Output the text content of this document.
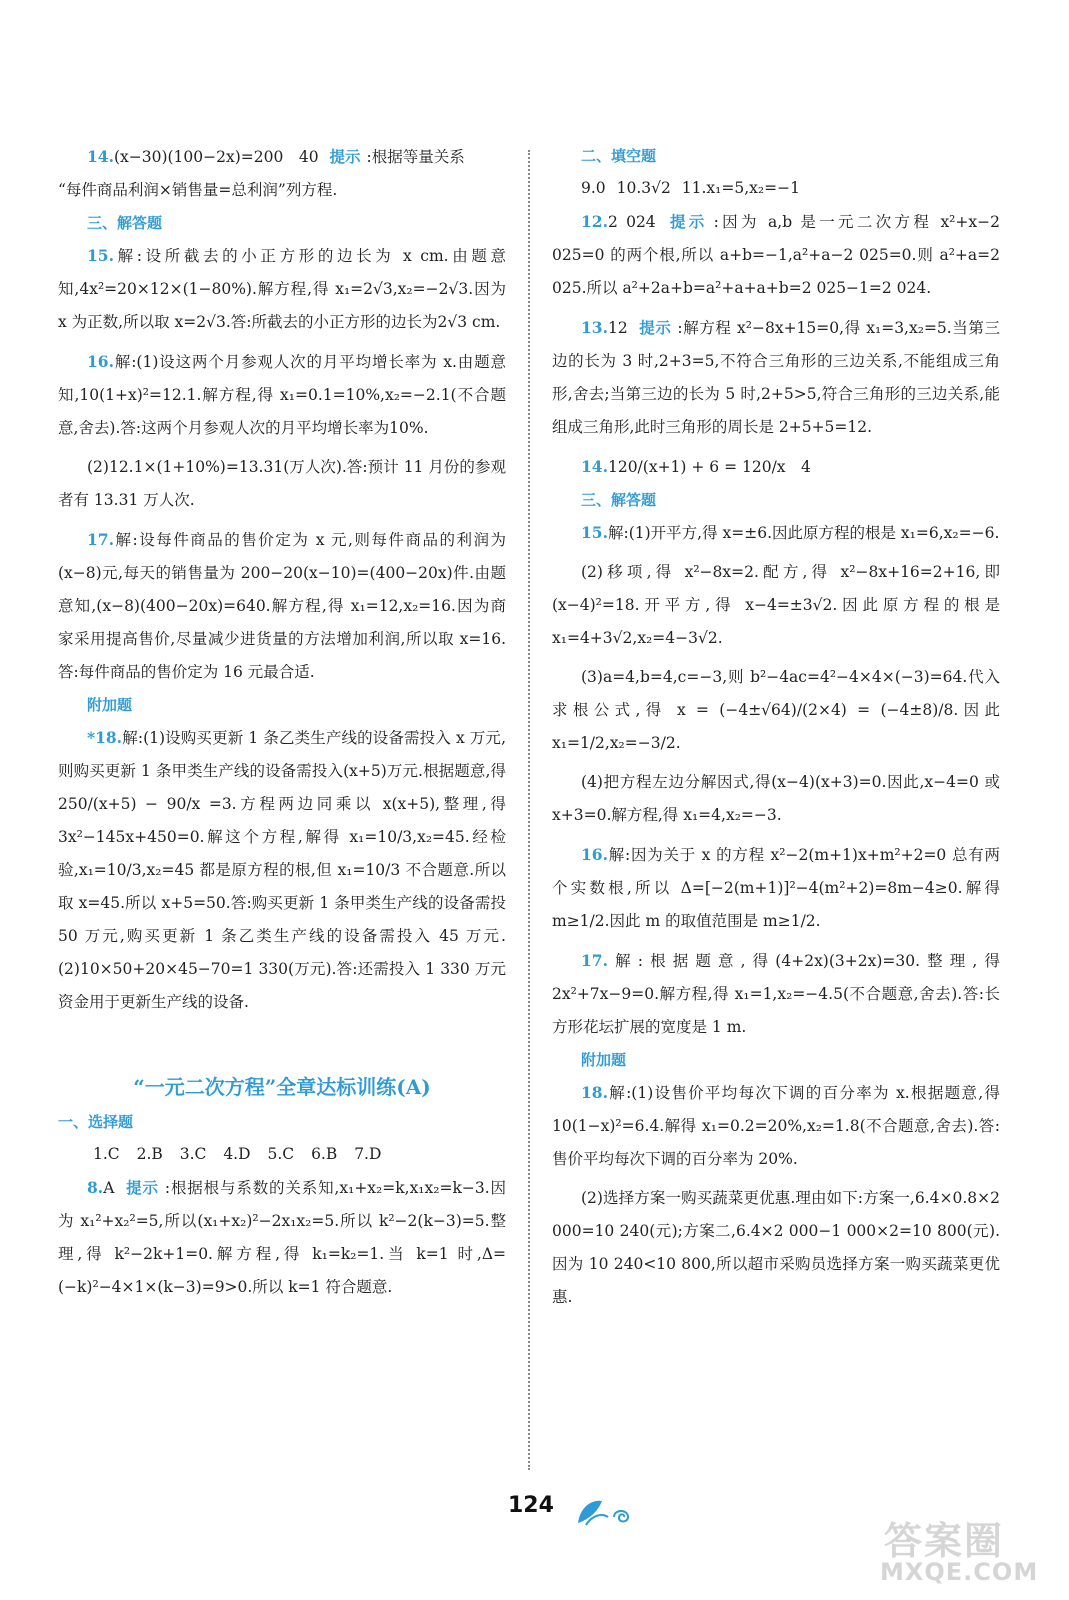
14.(x−30)(100−2x)=200　40 提示 :根据等量关系

“每件商品利润×销售量=总利润”列方程.

三、解答题

15.解:设所截去的小正方形的边长为 x cm.由题意知,4x²=20×12×(1−80%).解方程,得 x₁=2√3,x₂=−2√3.因为 x 为正数,所以取 x=2√3.答:所截去的小正方形的边长为2√3 cm.

16.解:(1)设这两个月参观人次的月平均增长率为 x.由题意知,10(1+x)²=12.1.解方程,得 x₁=0.1=10%,x₂=−2.1(不合题意,舍去).答:这两个月参观人次的月平均增长率为10%.

(2)12.1×(1+10%)=13.31(万人次).答:预计 11 月份的参观者有 13.31 万人次.

17.解:设每件商品的售价定为 x 元,则每件商品的利润为(x−8)元,每天的销售量为 200−20(x−10)=(400−20x)件.由题意知,(x−8)(400−20x)=640.解方程,得 x₁=12,x₂=16.因为商家采用提高售价,尽量减少进货量的方法增加利润,所以取 x=16.答:每件商品的售价定为 16 元最合适.

附加题

*18.解:(1)设购买更新 1 条乙类生产线的设备需投入 x 万元,则购买更新 1 条甲类生产线的设备需投入(x+5)万元.根据题意,得 250/(x+5) − 90/x =3.方程两边同乘以 x(x+5),整理,得 3x²−145x+450=0.解这个方程,解得 x₁=10/3,x₂=45.经检验,x₁=10/3,x₂=45 都是原方程的根,但 x₁=10/3 不合题意.所以取 x=45.所以 x+5=50.答:购买更新 1 条甲类生产线的设备需投 50 万元,购买更新 1 条乙类生产线的设备需投入 45 万元.　(2)10×50+20×45−70=1 330(万元).答:还需投入 1 330 万元资金用于更新生产线的设备.

“一元二次方程”全章达标训练(A)

一、选择题

1.C 2.B 3.C 4.D 5.C 6.B 7.D

8.A 提示 :根据根与系数的关系知,x₁+x₂=k,x₁x₂=k−3.因为 x₁²+x₂²=5,所以(x₁+x₂)²−2x₁x₂=5.所以 k²−2(k−3)=5.整理,得 k²−2k+1=0.解方程,得 k₁=k₂=1.当 k=1 时,Δ=(−k)²−4×1×(k−3)=9>0.所以 k=1 符合题意.

二、填空题

9.0 10.3√2 11.x₁=5,x₂=−1

12.2 024 提示 :因为 a,b 是一元二次方程 x²+x−2 025=0 的两个根,所以 a+b=−1,a²+a−2 025=0.则 a²+a=2 025.所以 a²+2a+b=a²+a+a+b=2 025−1=2 024.

13.12 提示 :解方程 x²−8x+15=0,得 x₁=3,x₂=5.当第三边的长为 3 时,2+3=5,不符合三角形的三边关系,不能组成三角形,舍去;当第三边的长为 5 时,2+5>5,符合三角形的三边关系,能组成三角形,此时三角形的周长是 2+5+5=12.

14.120/(x+1) + 6 = 120/x　4

三、解答题

15.解:(1)开平方,得 x=±6.因此原方程的根是 x₁=6,x₂=−6.

(2)移项,得 x²−8x=2.配方,得 x²−8x+16=2+16,即(x−4)²=18.开平方,得 x−4=±3√2.因此原方程的根是 x₁=4+3√2,x₂=4−3√2.

(3)a=4,b=4,c=−3,则 b²−4ac=4²−4×4×(−3)=64.代入求根公式,得 x = (−4±√64)/(2×4) = (−4±8)/8.因此 x₁=1/2,x₂=−3/2.

(4)把方程左边分解因式,得(x−4)(x+3)=0.因此,x−4=0 或 x+3=0.解方程,得 x₁=4,x₂=−3.

16.解:因为关于 x 的方程 x²−2(m+1)x+m²+2=0 总有两个实数根,所以 Δ=[−2(m+1)]²−4(m²+2)=8m−4≥0.解得 m≥1/2.因此 m 的取值范围是 m≥1/2.

17.解:根据题意,得(4+2x)(3+2x)=30.整理,得 2x²+7x−9=0.解方程,得 x₁=1,x₂=−4.5(不合题意,舍去).答:长方形花坛扩展的宽度是 1 m.

附加题

18.解:(1)设售价平均每次下调的百分率为 x.根据题意,得 10(1−x)²=6.4.解得 x₁=0.2=20%,x₂=1.8(不合题意,舍去).答:售价平均每次下调的百分率为 20%.

(2)选择方案一购买蔬菜更优惠.理由如下:方案一,6.4×0.8×2 000=10 240(元);方案二,6.4×2 000−1 000×2=10 800(元).因为 10 240<10 800,所以超市采购员选择方案一购买蔬菜更优惠.

124
答案圈
MXQE.COM
